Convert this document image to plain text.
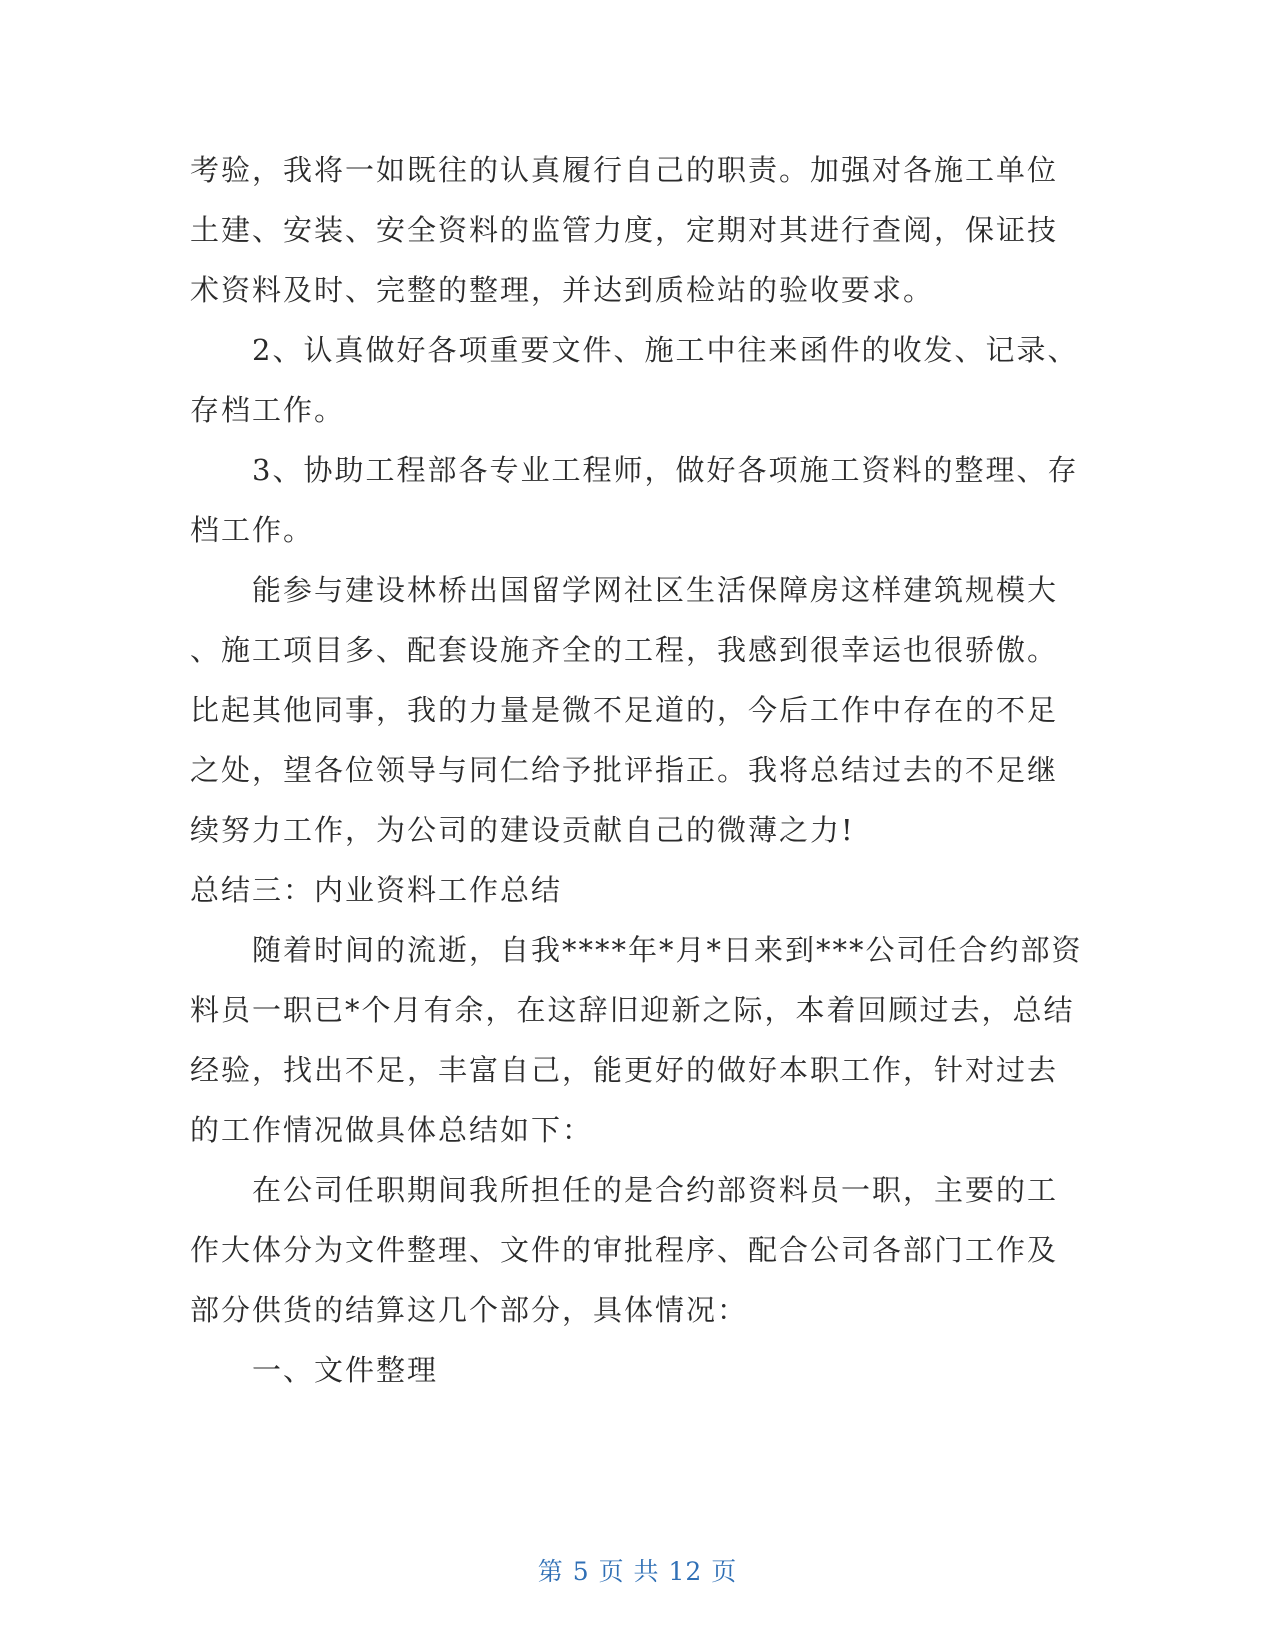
考验，我将一如既往的认真履行自己的职责。加强对各施工单位
土建、安装、安全资料的监管力度，定期对其进行查阅，保证技
术资料及时、完整的整理，并达到质检站的验收要求。
　　2、认真做好各项重要文件、施工中往来函件的收发、记录、
存档工作。
　　3、协助工程部各专业工程师，做好各项施工资料的整理、存
档工作。
　　能参与建设林桥出国留学网社区生活保障房这样建筑规模大
、施工项目多、配套设施齐全的工程，我感到很幸运也很骄傲。
比起其他同事，我的力量是微不足道的，今后工作中存在的不足
之处，望各位领导与同仁给予批评指正。我将总结过去的不足继
续努力工作，为公司的建设贡献自己的微薄之力!
总结三：内业资料工作总结
　　随着时间的流逝，自我****年*月*日来到***公司任合约部资
料员一职已*个月有余，在这辞旧迎新之际，本着回顾过去，总结
经验，找出不足，丰富自己，能更好的做好本职工作，针对过去
的工作情况做具体总结如下：
　　在公司任职期间我所担任的是合约部资料员一职，主要的工
作大体分为文件整理、文件的审批程序、配合公司各部门工作及
部分供货的结算这几个部分，具体情况：
　　一、文件整理
第 5 页 共 12 页
